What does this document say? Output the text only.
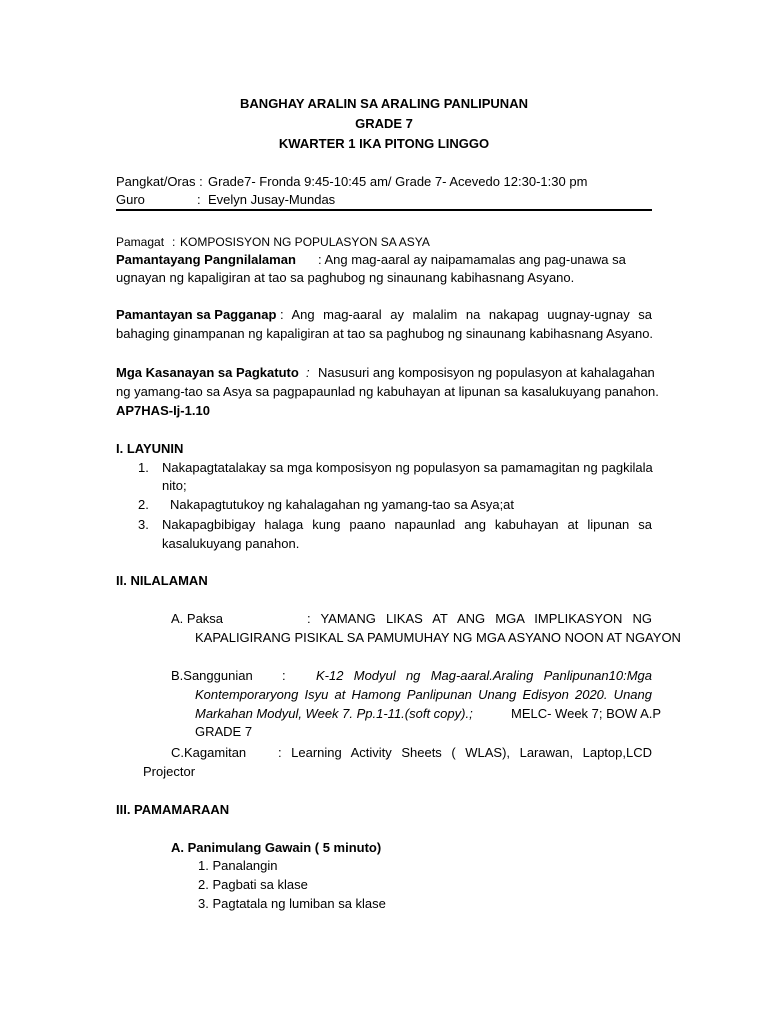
BANGHAY ARALIN SA ARALING PANLIPUNAN
GRADE 7
KWARTER 1 IKA PITONG LINGGO
Pangkat/Oras : Grade7- Fronda 9:45-10:45 am/ Grade 7- Acevedo 12:30-1:30 pm
Guro	: Evelyn Jusay-Mundas
Pamagat : KOMPOSISYON NG POPULASYON SA ASYA
Pamantayang Pangnilalaman : Ang mag-aaral ay naipamamalas ang pag-unawa sa
ugnayan ng kapaligiran at tao sa paghubog ng sinaunang kabihasnang Asyano.
Pamantayan sa Pagganap : Ang mag-aaral ay malalim na nakapag uugnay-ugnay sa
bahaging ginampanan ng kapaligiran at tao sa paghubog ng sinaunang kabihasnang Asyano.
Mga Kasanayan sa Pagkatuto : Nasusuri ang komposisyon ng populasyon at kahalagahan
ng yamang-tao sa Asya sa pagpapaunlad ng kabuhayan at lipunan sa kasalukuyang panahon.
AP7HAS-Ij-1.10
I. LAYUNIN
1. Nakapagtatalakay sa mga komposisyon ng populasyon sa pamamagitan ng pagkilala
nito;
2. Nakapagtutukoy ng kahalagahan ng yamang-tao sa Asya;at
3. Nakapagbibigay halaga kung paano napaunlad ang kabuhayan at lipunan sa
kasalukuyang panahon.
II. NILALAMAN
A. Paksa	: YAMANG LIKAS AT ANG MGA IMPLIKASYON NG
KAPALIGIRANG PISIKAL SA PAMUMUHAY NG MGA ASYANO NOON AT NGAYON
B.Sanggunian : K-12 Modyul ng Mag-aaral.Araling Panlipunan10:Mga
Kontemporaryong Isyu at Hamong Panlipunan Unang Edisyon 2020. Unang
Markahan Modyul, Week 7. Pp.1-11.(soft copy).;	MELC- Week 7; BOW A.P
GRADE 7
C.Kagamitan : Learning Activity Sheets ( WLAS), Larawan, Laptop,LCD
Projector
III. PAMAMARAAN
A. Panimulang Gawain ( 5 minuto)
1. Panalangin
2. Pagbati sa klase
3. Pagtatala ng lumiban sa klase
